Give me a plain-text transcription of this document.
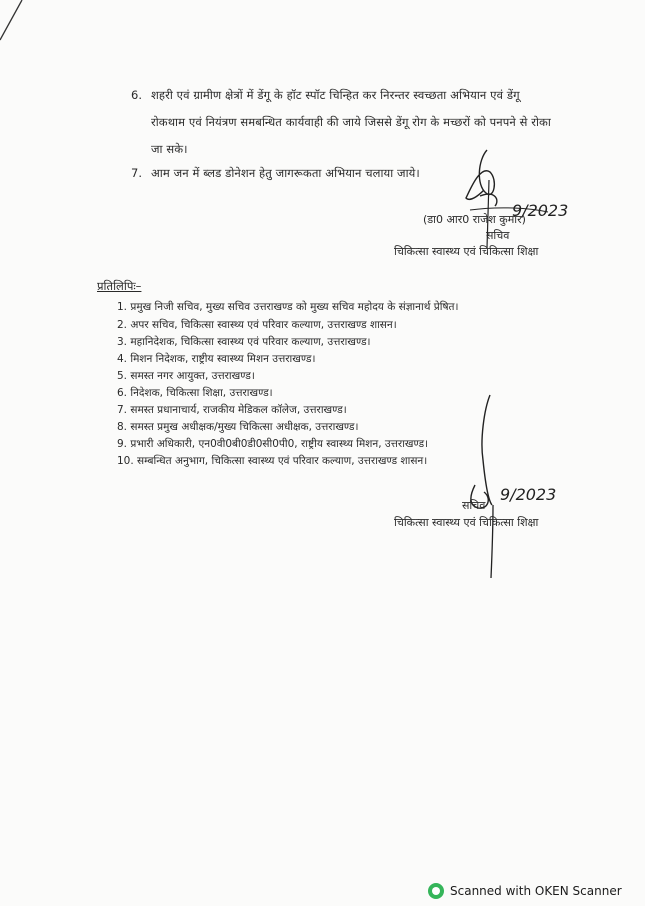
9/2023
9/2023
6. शहरी एवं ग्रामीण क्षेत्रों में डेंगू के हॉट स्पॉट चिन्हित कर निरन्तर स्वच्छता अभियान एवं डेंगू
रोकथाम एवं नियंत्रण समबन्धित कार्यवाही की जाये जिससे डेंगू रोग के मच्छरों को पनपने से रोका
जा सके।
7. आम जन में ब्लड डोनेशन हेतु जागरूकता अभियान चलाया जाये।
(डा0 आर0 राजेश कुमार)
सचिव
चिकित्सा स्वास्थ्य एवं चिकित्सा शिक्षा
प्रतिलिपिः–
1. प्रमुख निजी सचिव, मुख्य सचिव उत्तराखण्ड को मुख्य सचिव महोदय के संज्ञानार्थ प्रेषित।
2. अपर सचिव, चिकित्सा स्वास्थ्य एवं परिवार कल्याण, उत्तराखण्ड शासन।
3. महानिदेशक, चिकित्सा स्वास्थ्य एवं परिवार कल्याण, उत्तराखण्ड।
4. मिशन निदेशक, राष्ट्रीय स्वास्थ्य मिशन उत्तराखण्ड।
5. समस्त नगर आयुक्त, उत्तराखण्ड।
6. निदेशक, चिकित्सा शिक्षा, उत्तराखण्ड।
7. समस्त प्रधानाचार्य, राजकीय मेडिकल कॉलेज, उत्तराखण्ड।
8. समस्त प्रमुख अधीक्षक/मुख्य चिकित्सा अधीक्षक, उत्तराखण्ड।
9. प्रभारी अधिकारी, एन0वी0बी0डी0सी0पी0, राष्ट्रीय स्वास्थ्य मिशन, उत्तराखण्ड।
10. सम्बन्धित अनुभाग, चिकित्सा स्वास्थ्य एवं परिवार कल्याण, उत्तराखण्ड शासन।
सचिव
चिकित्सा स्वास्थ्य एवं चिकित्सा शिक्षा
Scanned with OKEN Scanner
